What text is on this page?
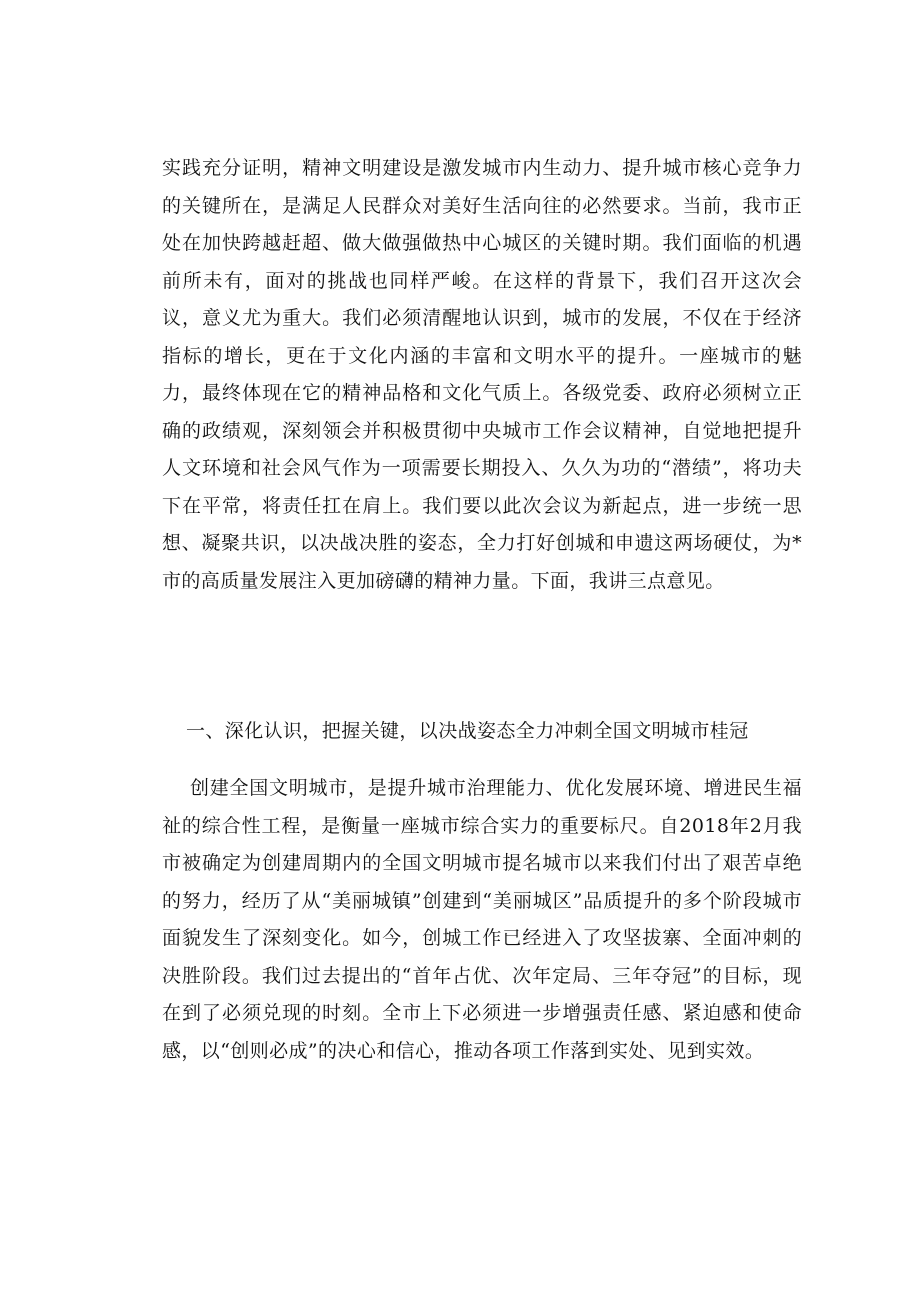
实践充分证明，精神文明建设是激发城市内生动力、提升城市核心竞争力的关键所在，是满足人民群众对美好生活向往的必然要求。当前，我市正处在加快跨越赶超、做大做强做热中心城区的关键时期。我们面临的机遇前所未有，面对的挑战也同样严峻。在这样的背景下，我们召开这次会议，意义尤为重大。我们必须清醒地认识到，城市的发展，不仅在于经济指标的增长，更在于文化内涵的丰富和文明水平的提升。一座城市的魅力，最终体现在它的精神品格和文化气质上。各级党委、政府必须树立正确的政绩观，深刻领会并积极贯彻中央城市工作会议精神，自觉地把提升人文环境和社会风气作为一项需要长期投入、久久为功的“潜绩”，将功夫下在平常，将责任扛在肩上。我们要以此次会议为新起点，进一步统一思想、凝聚共识，以决战决胜的姿态，全力打好创城和申遗这两场硬仗，为*市的高质量发展注入更加磅礴的精神力量。下面，我讲三点意见。

一、深化认识，把握关键，以决战姿态全力冲刺全国文明城市桂冠

创建全国文明城市，是提升城市治理能力、优化发展环境、增进民生福祉的综合性工程，是衡量一座城市综合实力的重要标尺。自2018年2月我市被确定为创建周期内的全国文明城市提名城市以来我们付出了艰苦卓绝的努力，经历了从“美丽城镇”创建到“美丽城区”品质提升的多个阶段城市面貌发生了深刻变化。如今，创城工作已经进入了攻坚拔寨、全面冲刺的决胜阶段。我们过去提出的“首年占优、次年定局、三年夺冠”的目标，现在到了必须兑现的时刻。全市上下必须进一步增强责任感、紧迫感和使命感，以“创则必成”的决心和信心，推动各项工作落到实处、见到实效。
